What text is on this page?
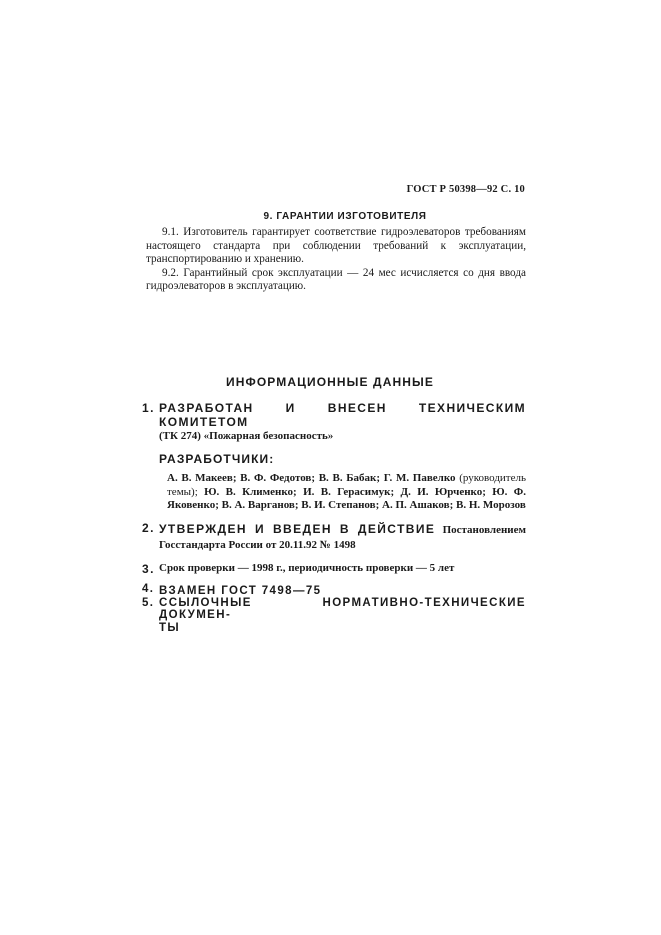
ГОСТ Р 50398—92 С. 10
9. ГАРАНТИИ ИЗГОТОВИТЕЛЯ

9.1. Изготовитель гарантирует соответствие гидроэлеваторов требованиям настоящего стандарта при соблюдении требований к эксплуатации, транспортированию и хранению.

9.2. Гарантийный срок эксплуатации — 24 мес исчисляется со дня ввода гидроэлеваторов в эксплуатацию.

ИНФОРМАЦИОННЫЕ ДАННЫЕ
1. РАЗРАБОТАН И ВНЕСЕН ТЕХНИЧЕСКИМ КОМИТЕТОМ
(ТК 274) «Пожарная безопасность»
РАЗРАБОТЧИКИ:
А. В. Макеев; В. Ф. Федотов; В. В. Бабак; Г. М. Павелко (руководитель темы); Ю. В. Клименко; И. В. Герасимук; Д. И. Юрченко; Ю. Ф. Яковенко; В. А. Варганов; В. И. Степанов; А. П. Ашаков; В. Н. Морозов
2. УТВЕРЖДЕН И ВВЕДЕН В ДЕЙСТВИЕ Постановлением
Госстандарта России от 20.11.92 № 1498
3. Срок проверки — 1998 г., периодичность проверки — 5 лет
4. ВЗАМЕН ГОСТ 7498—75
5. ССЫЛОЧНЫЕ НОРМАТИВНО-ТЕХНИЧЕСКИЕ ДОКУМЕН-
ТЫ
